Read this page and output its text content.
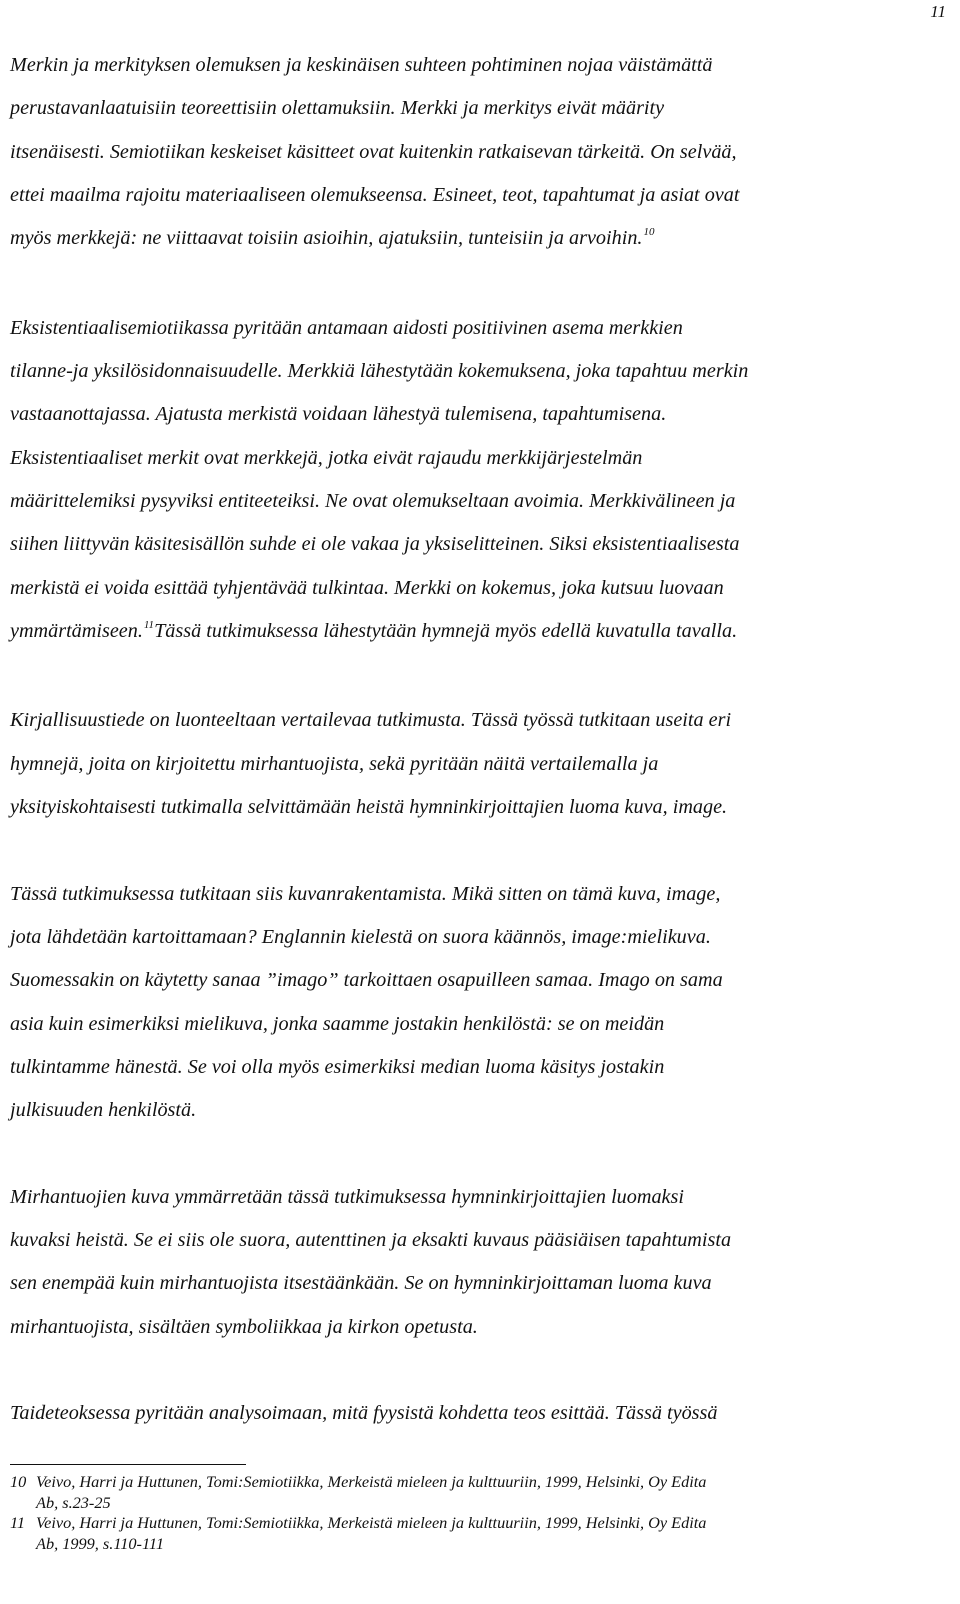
11

Merkin ja merkityksen olemuksen ja keskinäisen suhteen pohtiminen nojaa väistämättä
perustavanlaatuisiin teoreettisiin olettamuksiin. Merkki ja merkitys eivät määrity
itsenäisesti. Semiotiikan keskeiset käsitteet ovat kuitenkin ratkaisevan tärkeitä. On selvää,
ettei maailma rajoitu materiaaliseen olemukseensa. Esineet, teot, tapahtumat ja asiat ovat
myös merkkejä: ne viittaavat toisiin asioihin, ajatuksiin, tunteisiin ja arvoihin.$^{10}$

Eksistentiaalisemiotiikassa pyritään antamaan aidosti positiivinen asema merkkien
tilanne-ja yksilösidonnaisuudelle. Merkkiä lähestytään kokemuksena, joka tapahtuu merkin
vastaanottajassa. Ajatusta merkistä voidaan lähestyä tulemisena, tapahtumisena.
Eksistentiaaliset merkit ovat merkkejä, jotka eivät rajaudu merkkijärjestelmän
määrittelemiksi pysyviksi entiteeteiksi. Ne ovat olemukseltaan avoimia. Merkkivälineen ja
siihen liittyvän käsitesisällön suhde ei ole vakaa ja yksiselitteinen. Siksi eksistentiaalisesta
merkistä ei voida esittää tyhjentävää tulkintaa. Merkki on kokemus, joka kutsuu luovaan
ymmärtämiseen.$^{11}$Tässä tutkimuksessa lähestytään hymnejä myös edellä kuvatulla tavalla.

Kirjallisuustiede on luonteeltaan vertailevaa tutkimusta. Tässä työssä tutkitaan useita eri
hymnejä, joita on kirjoitettu mirhantuojista, sekä pyritään näitä vertailemalla ja
yksityiskohtaisesti tutkimalla selvittämään heistä hymninkirjoittajien luoma kuva, image.

Tässä tutkimuksessa tutkitaan siis kuvanrakentamista. Mikä sitten on tämä kuva, image,
jota lähdetään kartoittamaan? Englannin kielestä on suora käännös, image:mielikuva.
Suomessakin on käytetty sanaa ”imago” tarkoittaen osapuilleen samaa. Imago on sama
asia kuin esimerkiksi mielikuva, jonka saamme jostakin henkilöstä: se on meidän
tulkintamme hänestä. Se voi olla myös esimerkiksi median luoma käsitys jostakin
julkisuuden henkilöstä.

Mirhantuojien kuva ymmärretään tässä tutkimuksessa hymninkirjoittajien luomaksi
kuvaksi heistä. Se ei siis ole suora, autenttinen ja eksakti kuvaus pääsiäisen tapahtumista
sen enempää kuin mirhantuojista itsestäänkään. Se on hymninkirjoittaman luoma kuva
mirhantuojista, sisältäen symboliikkaa ja kirkon opetusta.

Taideteoksessa pyritään analysoimaan, mitä fyysistä kohdetta teos esittää. Tässä työssä

10 Veivo, Harri ja Huttunen, Tomi:Semiotiikka, Merkeistä mieleen ja kulttuuriin, 1999, Helsinki, Oy Edita
Ab, s.23-25
11 Veivo, Harri ja Huttunen, Tomi:Semiotiikka, Merkeistä mieleen ja kulttuuriin, 1999, Helsinki, Oy Edita
Ab, 1999, s.110-111
